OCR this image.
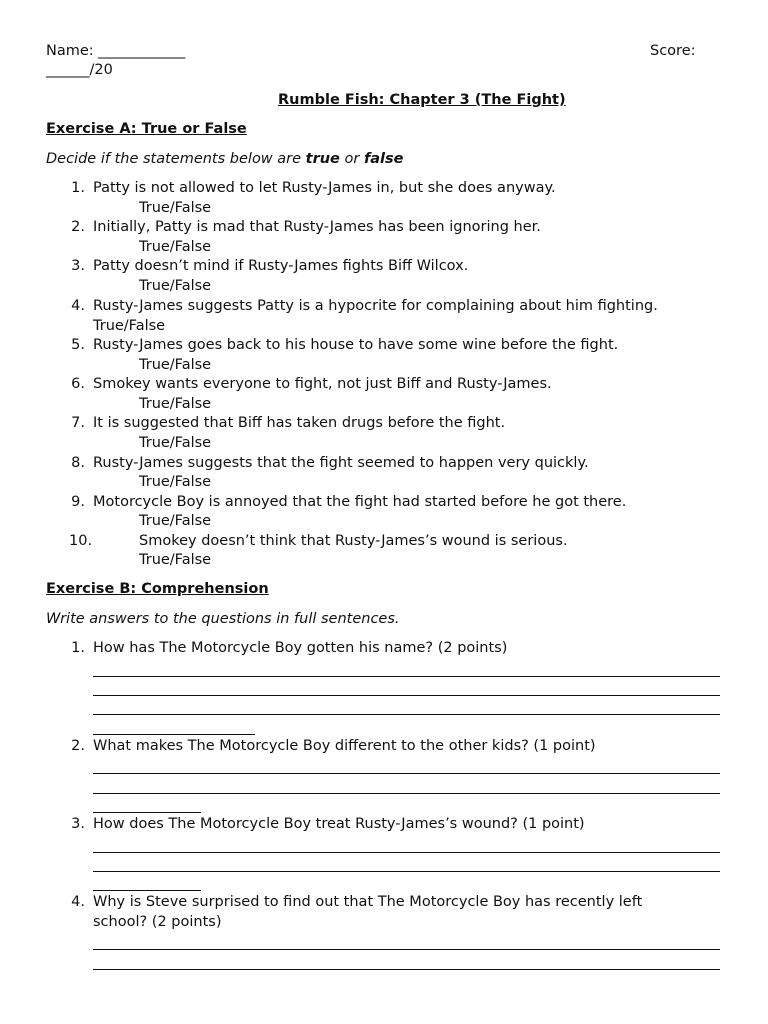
Name: ____________	Score:
______/20
Rumble Fish: Chapter 3 (The Fight)
Exercise A: True or False
Decide if the statements below are true or false
1. Patty is not allowed to let Rusty-James in, but she does anyway.
True/False
2. Initially, Patty is mad that Rusty-James has been ignoring her.
True/False
3. Patty doesn’t mind if Rusty-James fights Biff Wilcox.
True/False
4. Rusty-James suggests Patty is a hypocrite for complaining about him fighting.
True/False
5. Rusty-James goes back to his house to have some wine before the fight.
True/False
6. Smokey wants everyone to fight, not just Biff and Rusty-James.
True/False
7. It is suggested that Biff has taken drugs before the fight.
True/False
8. Rusty-James suggests that the fight seemed to happen very quickly.
True/False
9. Motorcycle Boy is annoyed that the fight had started before he got there.
True/False
10.	Smokey doesn’t think that Rusty-James’s wound is serious.
True/False
Exercise B: Comprehension
Write answers to the questions in full sentences.
1. How has The Motorcycle Boy gotten his name? (2 points)
2. What makes The Motorcycle Boy different to the other kids? (1 point)
3. How does The Motorcycle Boy treat Rusty-James’s wound? (1 point)
4. Why is Steve surprised to find out that The Motorcycle Boy has recently left
school? (2 points)
